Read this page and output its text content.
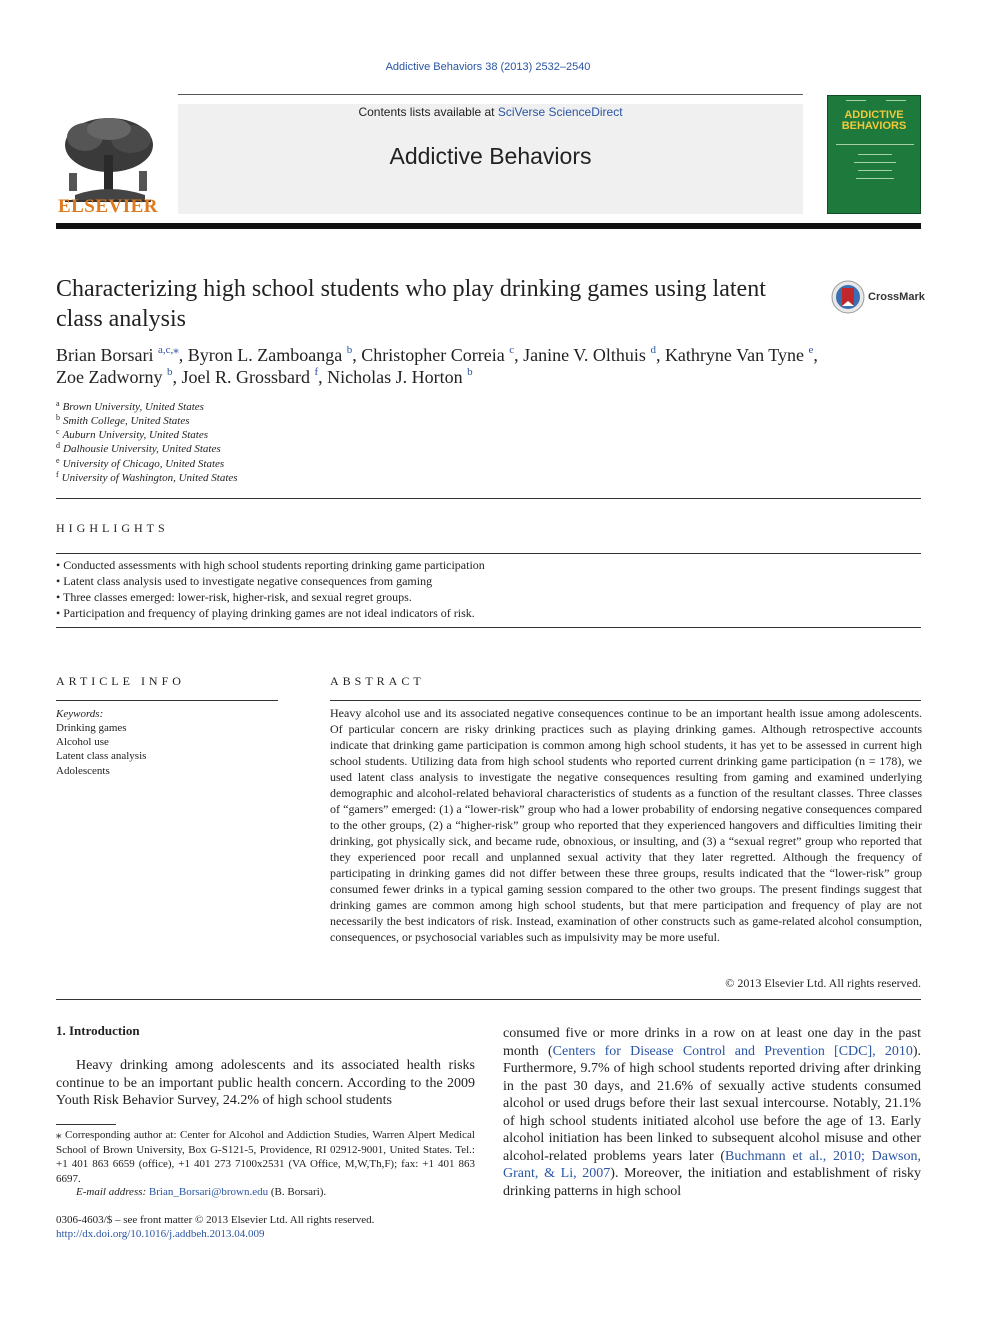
Addictive Behaviors 38 (2013) 2532–2540
ELSEVIER
Contents lists available at SciVerse ScienceDirect
Addictive Behaviors
ADDICTIVE BEHAVIORS
Characterizing high school students who play drinking games using latent class analysis
CrossMark
Brian Borsari $^{a,c,⁎}$, Byron L. Zamboanga $^b$, Christopher Correia $^c$, Janine V. Olthuis $^d$, Kathryne Van Tyne $^e$,
Zoe Zadworny $^b$, Joel R. Grossbard $^f$, Nicholas J. Horton $^b$
$^a$ Brown University, United States
$^b$ Smith College, United States
$^c$ Auburn University, United States
$^d$ Dalhousie University, United States
$^e$ University of Chicago, United States
$^f$ University of Washington, United States
HIGHLIGHTS
• Conducted assessments with high school students reporting drinking game participation
• Latent class analysis used to investigate negative consequences from gaming
• Three classes emerged: lower-risk, higher-risk, and sexual regret groups.
• Participation and frequency of playing drinking games are not ideal indicators of risk.
ARTICLE INFO
Keywords:
Drinking games
Alcohol use
Latent class analysis
Adolescents
ABSTRACT
Heavy alcohol use and its associated negative consequences continue to be an important health issue among adolescents. Of particular concern are risky drinking practices such as playing drinking games. Although retrospective accounts indicate that drinking game participation is common among high school students, it has yet to be assessed in current high school students. Utilizing data from high school students who reported current drinking game participation (n = 178), we used latent class analysis to investigate the negative consequences resulting from gaming and examined underlying demographic and alcohol-related behavioral characteristics of students as a function of the resultant classes. Three classes of “gamers” emerged: (1) a “lower-risk” group who had a lower probability of endorsing negative consequences compared to the other groups, (2) a “higher-risk” group who reported that they experienced hangovers and difficulties limiting their drinking, got physically sick, and became rude, obnoxious, or insulting, and (3) a “sexual regret” group who reported that they experienced poor recall and unplanned sexual activity that they later regretted. Although the frequency of participating in drinking games did not differ between these three groups, results indicated that the “lower-risk” group consumed fewer drinks in a typical gaming session compared to the other two groups. The present findings suggest that drinking games are common among high school students, but that mere participation and frequency of play are not necessarily the best indicators of risk. Instead, examination of other constructs such as game-related alcohol consumption, consequences, or psychosocial variables such as impulsivity may be more useful.
© 2013 Elsevier Ltd. All rights reserved.
1. Introduction
Heavy drinking among adolescents and its associated health risks continue to be an important public health concern. According to the 2009 Youth Risk Behavior Survey, 24.2% of high school students
consumed five or more drinks in a row on at least one day in the past month (Centers for Disease Control and Prevention [CDC], 2010). Furthermore, 9.7% of high school students reported driving after drinking in the past 30 days, and 21.6% of sexually active students consumed alcohol or used drugs before their last sexual intercourse. Notably, 21.1% of high school students initiated alcohol use before the age of 13. Early alcohol initiation has been linked to subsequent alcohol misuse and other alcohol-related problems years later (Buchmann et al., 2010; Dawson, Grant, & Li, 2007). Moreover, the initiation and establishment of risky drinking patterns in high school
⁎ Corresponding author at: Center for Alcohol and Addiction Studies, Warren Alpert Medical School of Brown University, Box G-S121-5, Providence, RI 02912-9001, United States. Tel.: +1 401 863 6659 (office), +1 401 273 7100x2531 (VA Office, M,W,Th,F); fax: +1 401 863 6697.
E-mail address: Brian_Borsari@brown.edu (B. Borsari).
0306-4603/$ – see front matter © 2013 Elsevier Ltd. All rights reserved.
http://dx.doi.org/10.1016/j.addbeh.2013.04.009
